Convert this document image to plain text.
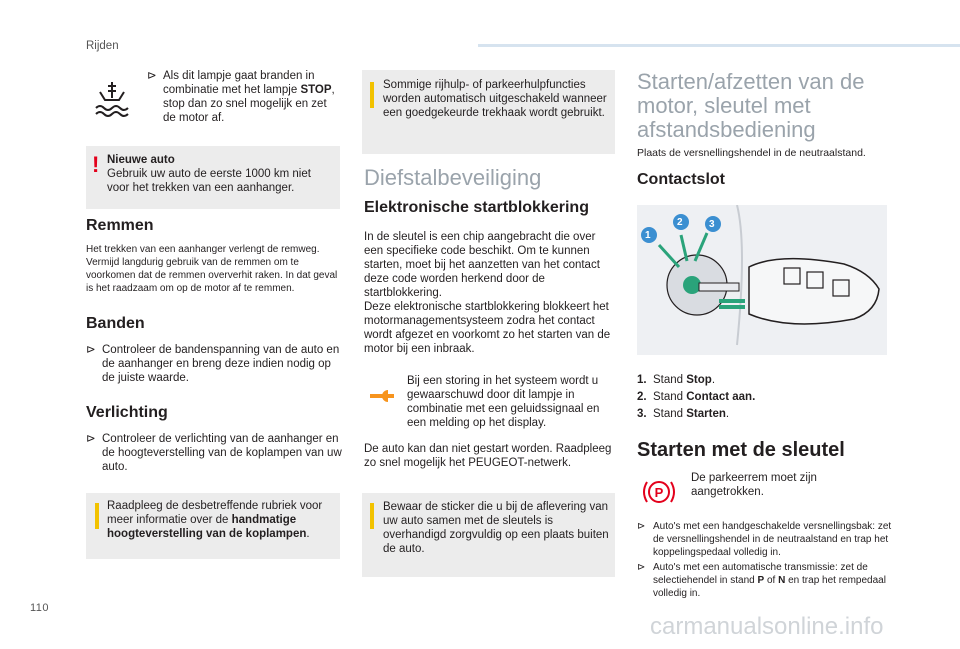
Rijden
⊳ Als dit lampje gaat branden in combinatie met het lampje STOP, stop dan zo snel mogelijk en zet de motor af.
! Nieuwe auto
Gebruik uw auto de eerste 1000 km niet voor het trekken van een aanhanger.
Remmen
Het trekken van een aanhanger verlengt de remweg. Vermijd langdurig gebruik van de remmen om te voorkomen dat de remmen oververhit raken. In dat geval is het raadzaam om op de motor af te remmen.
Banden
⊳ Controleer de bandenspanning van de auto en de aanhanger en breng deze indien nodig op de juiste waarde.
Verlichting
⊳ Controleer de verlichting van de aanhanger en de hoogteverstelling van de koplampen van uw auto.
Raadpleeg de desbetreffende rubriek voor meer informatie over de handmatige hoogteverstelling van de koplampen.
Sommige rijhulp- of parkeerhulpfuncties worden automatisch uitgeschakeld wanneer een goedgekeurde trekhaak wordt gebruikt.
Diefstalbeveiliging
Elektronische startblokkering
In de sleutel is een chip aangebracht die over een specifieke code beschikt. Om te kunnen starten, moet bij het aanzetten van het contact deze code worden herkend door de startblokkering.
Deze elektronische startblokkering blokkeert het motormanagementsysteem zodra het contact wordt afgezet en voorkomt zo het starten van de motor bij een inbraak.
Bij een storing in het systeem wordt u gewaarschuwd door dit lampje in combinatie met een geluidssignaal en een melding op het display.
De auto kan dan niet gestart worden. Raadpleeg zo snel mogelijk het PEUGEOT-netwerk.
Bewaar de sticker die u bij de aflevering van uw auto samen met de sleutels is overhandigd zorgvuldig op een plaats buiten de auto.
Starten/afzetten van de motor, sleutel met afstandsbediening
Plaats de versnellingshendel in de neutraalstand.
Contactslot
1
2	3
1. Stand Stop.
2. Stand Contact aan.
3. Stand Starten.
Starten met de sleutel
P
De parkeerrem moet zijn aangetrokken.
⊳ Auto's met een handgeschakelde versnellingsbak: zet de versnellingshendel in de neutraalstand en trap het koppelingspedaal volledig in.
⊳ Auto's met een automatische transmissie: zet de selectiehendel in stand P of N en trap het rempedaal volledig in.
110
carmanualsonline.info
